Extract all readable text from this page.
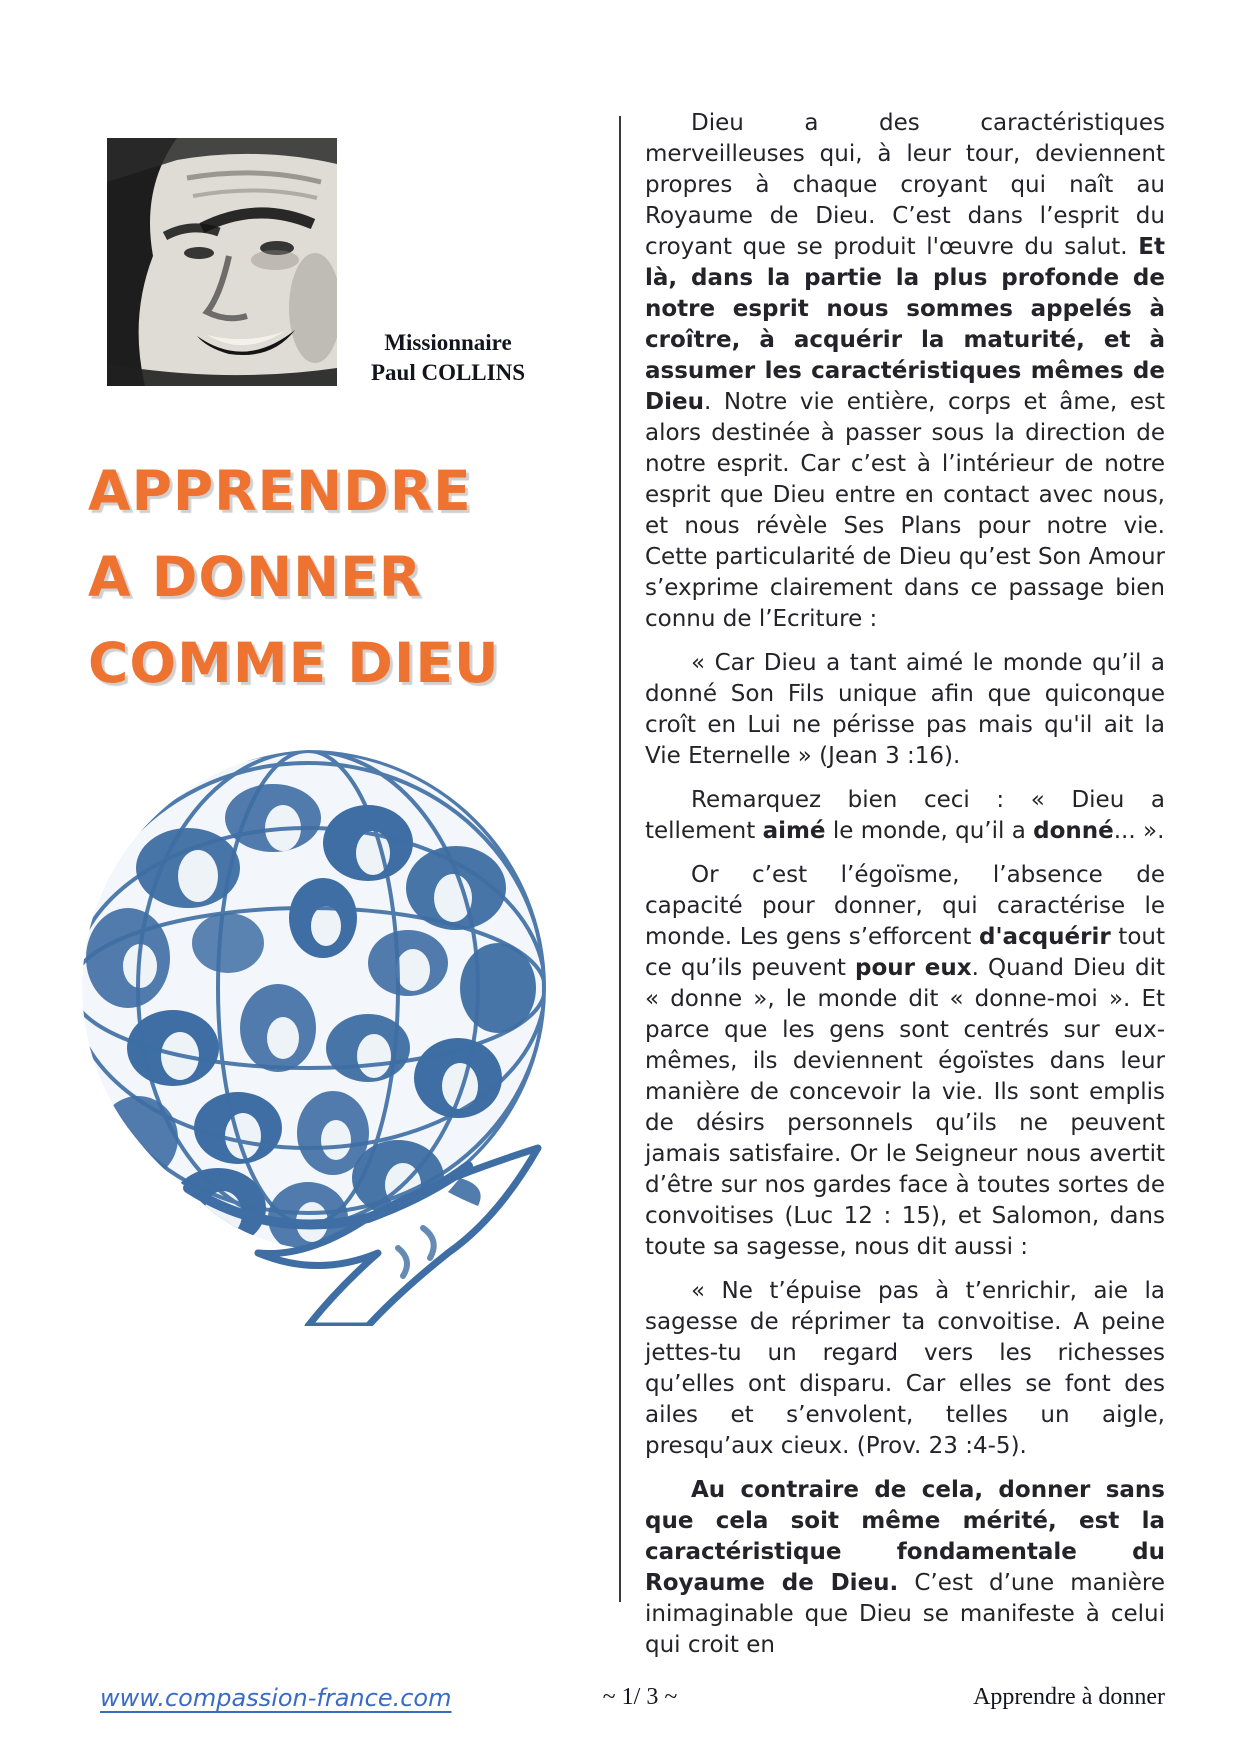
Missionnaire
Paul COLLINS
APPRENDRE
A DONNER
COMME DIEU

Dieu a des caractéristiques merveilleuses qui, à leur tour, deviennent propres à chaque croyant qui naît au Royaume de Dieu. C’est dans l’esprit du croyant que se produit l'œuvre du salut. Et là, dans la partie la plus profonde de notre esprit nous sommes appelés à croître, à acquérir la maturité, et à assumer les caractéristiques mêmes de Dieu. Notre vie entière, corps et âme, est alors destinée à passer sous la direction de notre esprit. Car c’est à l’intérieur de notre esprit que Dieu entre en contact avec nous, et nous révèle Ses Plans pour notre vie. Cette particularité de Dieu qu’est Son Amour s’exprime clairement dans ce passage bien connu de l’Ecriture :

« Car Dieu a tant aimé le monde qu’il a donné Son Fils unique afin que quiconque croît en Lui ne périsse pas mais qu'il ait la Vie Eternelle » (Jean 3 :16).

Remarquez bien ceci : « Dieu a tellement aimé le monde, qu’il a donné... ».

Or c’est l’égoïsme, l’absence de capacité pour donner, qui caractérise le monde. Les gens s’efforcent d'acquérir tout ce qu’ils peuvent pour eux. Quand Dieu dit « donne », le monde dit « donne-moi ». Et parce que les gens sont centrés sur eux-mêmes, ils deviennent égoïstes dans leur manière de concevoir la vie. Ils sont emplis de désirs personnels qu’ils ne peuvent jamais satisfaire. Or le Seigneur nous avertit d’être sur nos gardes face à toutes sortes de convoitises (Luc 12 : 15), et Salomon, dans toute sa sagesse, nous dit aussi :

« Ne t’épuise pas à t’enrichir, aie la sagesse de réprimer ta convoitise. A peine jettes-tu un regard vers les richesses qu’elles ont disparu. Car elles se font des ailes et s’envolent, telles un aigle, presqu’aux cieux. (Prov. 23 :4-5).

Au contraire de cela, donner sans que cela soit même mérité, est la caractéristique fondamentale du Royaume de Dieu. C’est d’une manière inimaginable que Dieu se manifeste à celui qui croit en

www.compassion-france.com	~ 1/ 3 ~	Apprendre à donner
